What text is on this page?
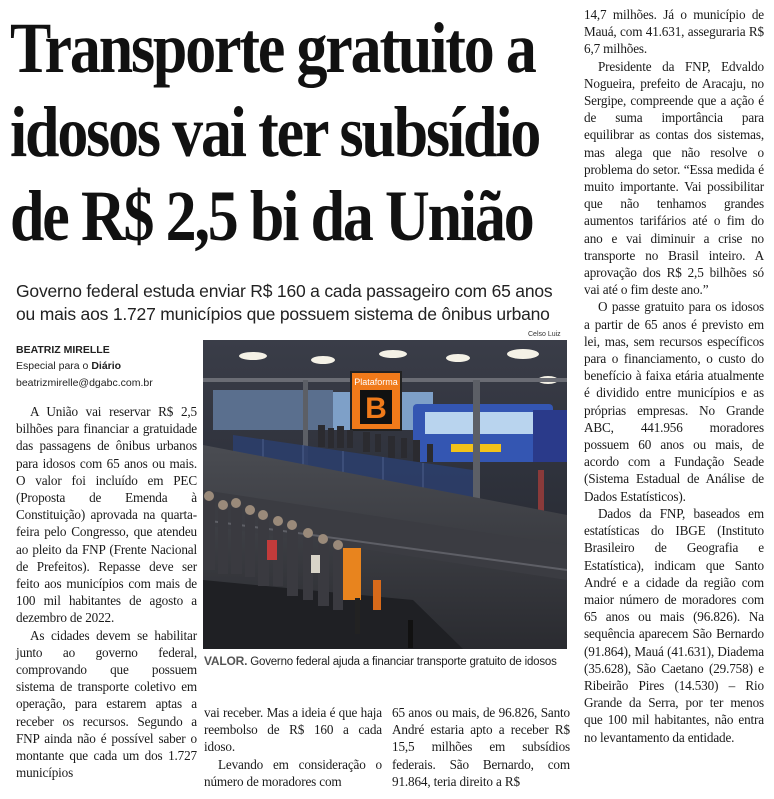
Transporte gratuito a
idosos vai ter subsídio
de R$ 2,5 bi da União
Governo federal estuda enviar R$ 160 a cada passageiro com 65 anos ou mais aos 1.727 municípios que possuem sistema de ônibus urbano
BEATRIZ MIRELLE
Especial para o Diário
beatrizmirelle@dgabc.com.br

A União vai reservar R$ 2,5 bilhões para financiar a gratuidade das passagens de ônibus urbanos para idosos com 65 anos ou mais. O valor foi incluído em PEC (Proposta de Emenda à Constituição) aprovada na quarta-feira pelo Congresso, que atendeu ao pleito da FNP (Frente Nacional de Prefeitos). Repasse deve ser feito aos municípios com mais de 100 mil habitantes de agosto a dezembro de 2022.

As cidades devem se habilitar junto ao governo federal, comprovando que possuem sistema de transporte coletivo em operação, para estarem aptas a receber os recursos. Segundo a FNP ainda não é possível saber o montante que cada um dos 1.727 municípios

Celso Luiz
Plataforma
B
VALOR. Governo federal ajuda a financiar transporte gratuito de idosos

vai receber. Mas a ideia é que haja reembolso de R$ 160 a cada idoso.

Levando em consideração o número de moradores com

65 anos ou mais, de 96.826, Santo André estaria apto a receber R$ 15,5 milhões em subsídios federais. São Bernardo, com 91.864, teria direito a R$

14,7 milhões. Já o município de Mauá, com 41.631, asseguraria R$ 6,7 milhões.

Presidente da FNP, Edvaldo Nogueira, prefeito de Aracaju, no Sergipe, compreende que a ação é de suma importância para equilibrar as contas dos sistemas, mas alega que não resolve o problema do setor. “Essa medida é muito importante. Vai possibilitar que não tenhamos grandes aumentos tarifários até o fim do ano e vai diminuir a crise no transporte no Brasil inteiro. A aprovação dos R$ 2,5 bilhões só vai até o fim deste ano.”

O passe gratuito para os idosos a partir de 65 anos é previsto em lei, mas, sem recursos específicos para o financiamento, o custo do benefício à faixa etária atualmente é dividido entre municípios e as próprias empresas. No Grande ABC, 441.956 moradores possuem 60 anos ou mais, de acordo com a Fundação Seade (Sistema Estadual de Análise de Dados Estatísticos).

Dados da FNP, baseados em estatísticas do IBGE (Instituto Brasileiro de Geografia e Estatística), indicam que Santo André e a cidade da região com maior número de moradores com 65 anos ou mais (96.826). Na sequência aparecem São Bernardo (91.864), Mauá (41.631), Diadema (35.628), São Caetano (29.758) e Ribeirão Pires (14.530) – Rio Grande da Serra, por ter menos que 100 mil habitantes, não entra no levantamento da entidade.
